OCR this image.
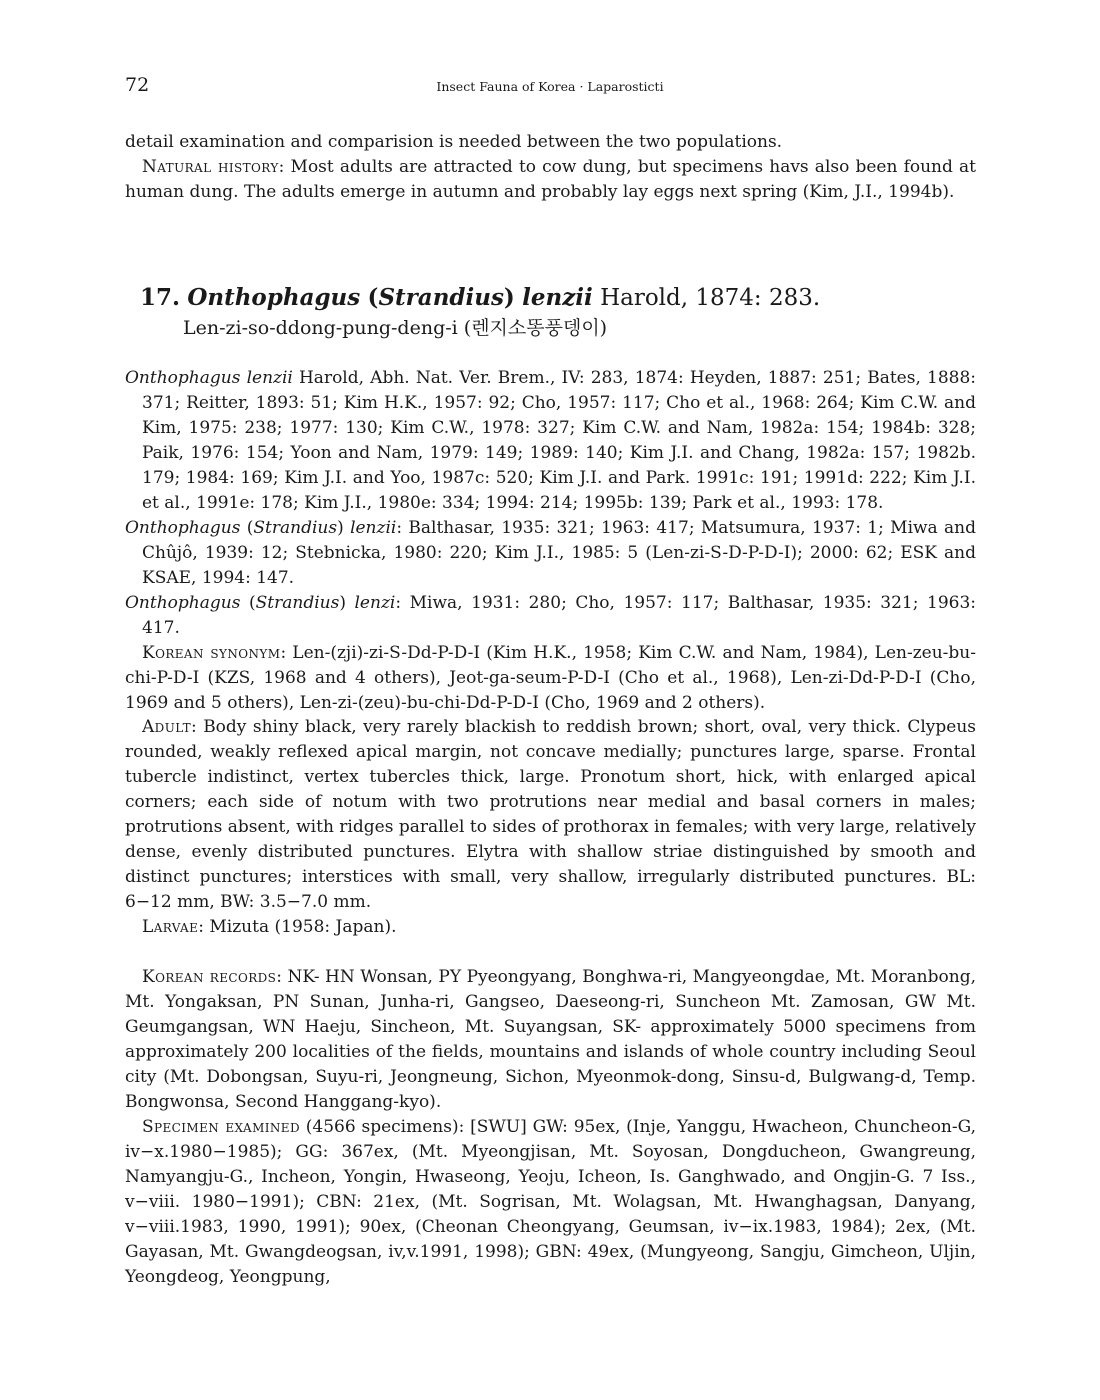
72	Insect Fauna of Korea · Laparosticti

detail examination and comparision is needed between the two populations.

Natural history: Most adults are attracted to cow dung, but specimens havs also been found at human dung. The adults emerge in autumn and probably lay eggs next spring (Kim, J.I., 1994b).

17. Onthophagus (Strandius) lenzii Harold, 1874: 283.
Len-zi-so-ddong-pung-deng-i (렌지소똥풍뎅이)

Onthophagus lenzii Harold, Abh. Nat. Ver. Brem., IV: 283, 1874: Heyden, 1887: 251; Bates, 1888: 371; Reitter, 1893: 51; Kim H.K., 1957: 92; Cho, 1957: 117; Cho et al., 1968: 264; Kim C.W. and Kim, 1975: 238; 1977: 130; Kim C.W., 1978: 327; Kim C.W. and Nam, 1982a: 154; 1984b: 328; Paik, 1976: 154; Yoon and Nam, 1979: 149; 1989: 140; Kim J.I. and Chang, 1982a: 157; 1982b. 179; 1984: 169; Kim J.I. and Yoo, 1987c: 520; Kim J.I. and Park. 1991c: 191; 1991d: 222; Kim J.I. et al., 1991e: 178; Kim J.I., 1980e: 334; 1994: 214; 1995b: 139; Park et al., 1993: 178.

Onthophagus (Strandius) lenzii: Balthasar, 1935: 321; 1963: 417; Matsumura, 1937: 1; Miwa and Chûjô, 1939: 12; Stebnicka, 1980: 220; Kim J.I., 1985: 5 (Len-zi-S-D-P-D-I); 2000: 62; ESK and KSAE, 1994: 147.

Onthophagus (Strandius) lenzi: Miwa, 1931: 280; Cho, 1957: 117; Balthasar, 1935: 321; 1963: 417.

Korean synonym: Len-(zji)-zi-S-Dd-P-D-I (Kim H.K., 1958; Kim C.W. and Nam, 1984), Len-zeu-bu-chi-P-D-I (KZS, 1968 and 4 others), Jeot-ga-seum-P-D-I (Cho et al., 1968), Len-zi-Dd-P-D-I (Cho, 1969 and 5 others), Len-zi-(zeu)-bu-chi-Dd-P-D-I (Cho, 1969 and 2 others).

Adult: Body shiny black, very rarely blackish to reddish brown; short, oval, very thick. Clypeus rounded, weakly reflexed apical margin, not concave medially; punctures large, sparse. Frontal tubercle indistinct, vertex tubercles thick, large. Pronotum short, hick, with enlarged apical corners; each side of notum with two protrutions near medial and basal corners in males; protrutions absent, with ridges parallel to sides of prothorax in females; with very large, relatively dense, evenly distributed punctures. Elytra with shallow striae distinguished by smooth and distinct punctures; interstices with small, very shallow, irregularly distributed punctures. BL: 6−12 mm, BW: 3.5−7.0 mm.

Larvae: Mizuta (1958: Japan).

Korean records: NK- HN Wonsan, PY Pyeongyang, Bonghwa-ri, Mangyeongdae, Mt. Moranbong, Mt. Yongaksan, PN Sunan, Junha-ri, Gangseo, Daeseong-ri, Suncheon Mt. Zamosan, GW Mt. Geumgangsan, WN Haeju, Sincheon, Mt. Suyangsan, SK- approximately 5000 specimens from approximately 200 localities of the fields, mountains and islands of whole country including Seoul city (Mt. Dobongsan, Suyu-ri, Jeongneung, Sichon, Myeonmok-dong, Sinsu-d, Bulgwang-d, Temp. Bongwonsa, Second Hanggang-kyo).

Specimen examined (4566 specimens): [SWU] GW: 95ex, (Inje, Yanggu, Hwacheon, Chuncheon-G, iv−x.1980−1985); GG: 367ex, (Mt. Myeongjisan, Mt. Soyosan, Dongducheon, Gwangreung, Namyangju-G., Incheon, Yongin, Hwaseong, Yeoju, Icheon, Is. Ganghwado, and Ongjin-G. 7 Iss., v−viii. 1980−1991); CBN: 21ex, (Mt. Sogrisan, Mt. Wolagsan, Mt. Hwanghagsan, Danyang, v−viii.1983, 1990, 1991); 90ex, (Cheonan Cheongyang, Geumsan, iv−ix.1983, 1984); 2ex, (Mt. Gayasan, Mt. Gwangdeogsan, iv,v.1991, 1998); GBN: 49ex, (Mungyeong, Sangju, Gimcheon, Uljin, Yeongdeog, Yeongpung,
